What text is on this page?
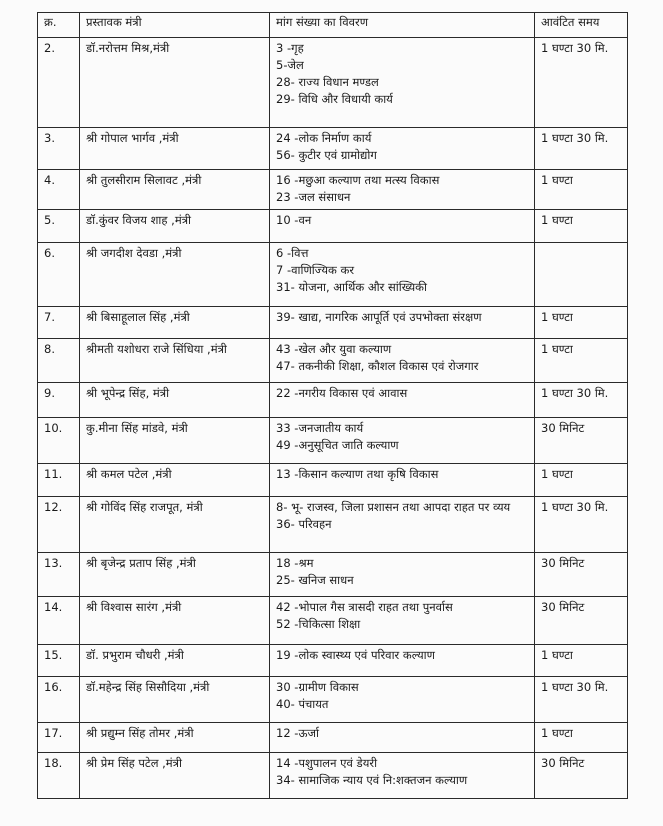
क्र.	प्रस्तावक मंत्री	मांग संख्या का विवरण	आवंटित समय
2.	डॉ.नरोत्तम मिश्र,मंत्री	3 -गृह
5-जेल
28- राज्य विधान मण्डल
29- विधि और विधायी कार्य	1 घण्टा 30 मि.
3.	श्री गोपाल भार्गव ,मंत्री	24 -लोक निर्माण कार्य
56- कुटीर एवं ग्रामोद्योग	1 घण्टा 30 मि.
4.	श्री तुलसीराम सिलावट ,मंत्री	16 -मछुआ कल्याण तथा मत्स्य विकास
23 -जल संसाधन	1 घण्टा
5.	डॉ.कुंवर विजय शाह ,मंत्री	10 -वन	1 घण्टा
6.	श्री जगदीश देवडा ,मंत्री	6 -वित्त
7 -वाणिज्यिक कर
31- योजना, आर्थिक और सांख्यिकी	

7.	श्री बिसाहूलाल सिंह ,मंत्री	39- खाद्य, नागरिक आपूर्ति एवं उपभोक्ता संरक्षण	1 घण्टा
8.	श्रीमती यशोधरा राजे सिंधिया ,मंत्री	43 -खेल और युवा कल्याण
47- तकनीकी शिक्षा, कौशल विकास एवं रोजगार	1 घण्टा
9.	श्री भूपेन्द्र सिंह, मंत्री	22 -नगरीय विकास एवं आवास	1 घण्टा 30 मि.
10.	कु.मीना सिंह मांडवे, मंत्री	33 -जनजातीय कार्य
49 -अनुसूचित जाति कल्याण	30 मिनिट
11.	श्री कमल पटेल ,मंत्री	13 -किसान कल्याण तथा कृषि विकास	1 घण्टा
12.	श्री गोविंद सिंह राजपूत, मंत्री	8- भू- राजस्व, जिला प्रशासन तथा आपदा राहत पर व्यय
36- परिवहन	1 घण्टा 30 मि.
13.	श्री बृजेन्द्र प्रताप सिंह ,मंत्री	18 -श्रम
25- खनिज साधन	30 मिनिट
14.	श्री विश्वास सारंग ,मंत्री	42 -भोपाल गैस त्रासदी राहत तथा पुनर्वास
52 -चिकित्सा शिक्षा	30 मिनिट
15.	डॉ. प्रभुराम चौधरी ,मंत्री	19 -लोक स्वास्थ्य एवं परिवार कल्याण	1 घण्टा
16.	डॉ.महेन्द्र सिंह सिसौदिया ,मंत्री	30 -ग्रामीण विकास
40- पंचायत	1 घण्टा 30 मि.
17.	श्री प्रद्युम्न सिंह तोमर ,मंत्री	12 -ऊर्जा	1 घण्टा
18.	श्री प्रेम सिंह पटेल ,मंत्री	14 -पशुपालन एवं डेयरी
34- सामाजिक न्याय एवं नि:शक्तजन कल्याण	30 मिनिट
